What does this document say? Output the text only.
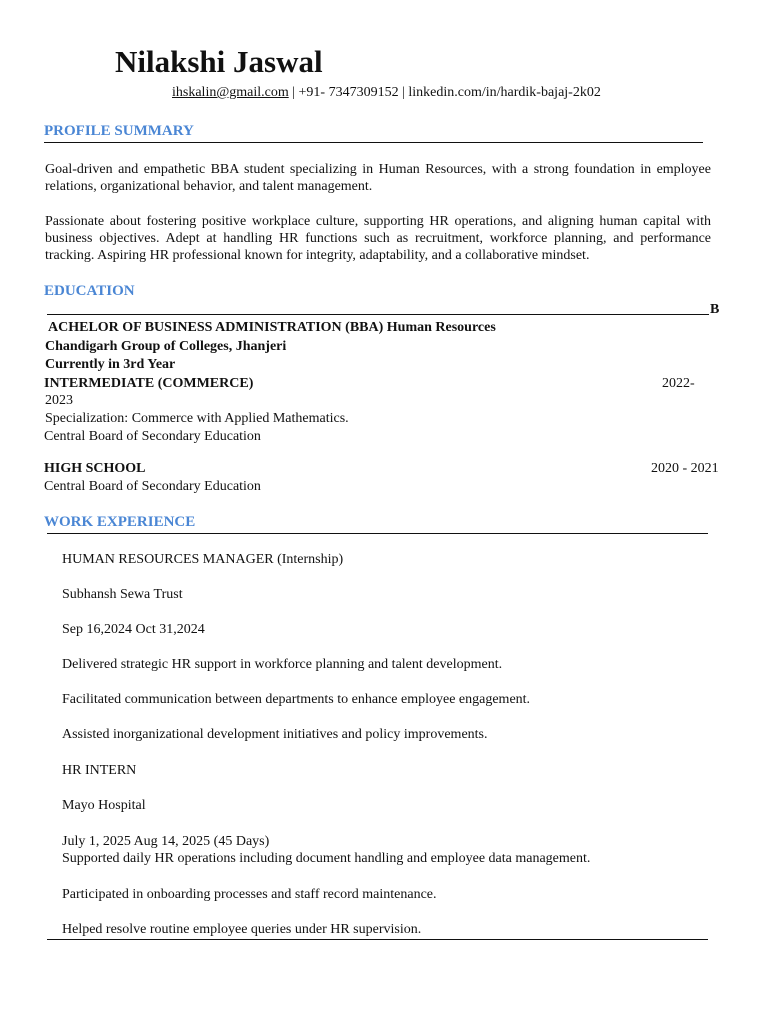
Nilakshi Jaswal
ihskalin@gmail.com | +91- 7347309152 | linkedin.com/in/hardik-bajaj-2k02
PROFILE SUMMARY
Goal-driven and empathetic BBA student specializing in Human Resources, with a strong foundation in employee relations, organizational behavior, and talent management.
Passionate about fostering positive workplace culture, supporting HR operations, and aligning human capital with business objectives. Adept at handling HR functions such as recruitment, workforce planning, and performance tracking. Aspiring HR professional known for integrity, adaptability, and a collaborative mindset.
EDUCATION
B
ACHELOR OF BUSINESS ADMINISTRATION (BBA) Human Resources
Chandigarh Group of Colleges, Jhanjeri
Currently in 3rd Year
INTERMEDIATE (COMMERCE)	2022-
2023
Specialization: Commerce with Applied Mathematics.
Central Board of Secondary Education
HIGH SCHOOL	2020 - 2021
Central Board of Secondary Education
WORK EXPERIENCE
HUMAN RESOURCES MANAGER (Internship)
Subhansh Sewa Trust
Sep 16,2024 Oct 31,2024
Delivered strategic HR support in workforce planning and talent development.
Facilitated communication between departments to enhance employee engagement.
Assisted inorganizational development initiatives and policy improvements.
HR INTERN
Mayo Hospital
July 1, 2025 Aug 14, 2025 (45 Days)
Supported daily HR operations including document handling and employee data management.
Participated in onboarding processes and staff record maintenance.
Helped resolve routine employee queries under HR supervision.
